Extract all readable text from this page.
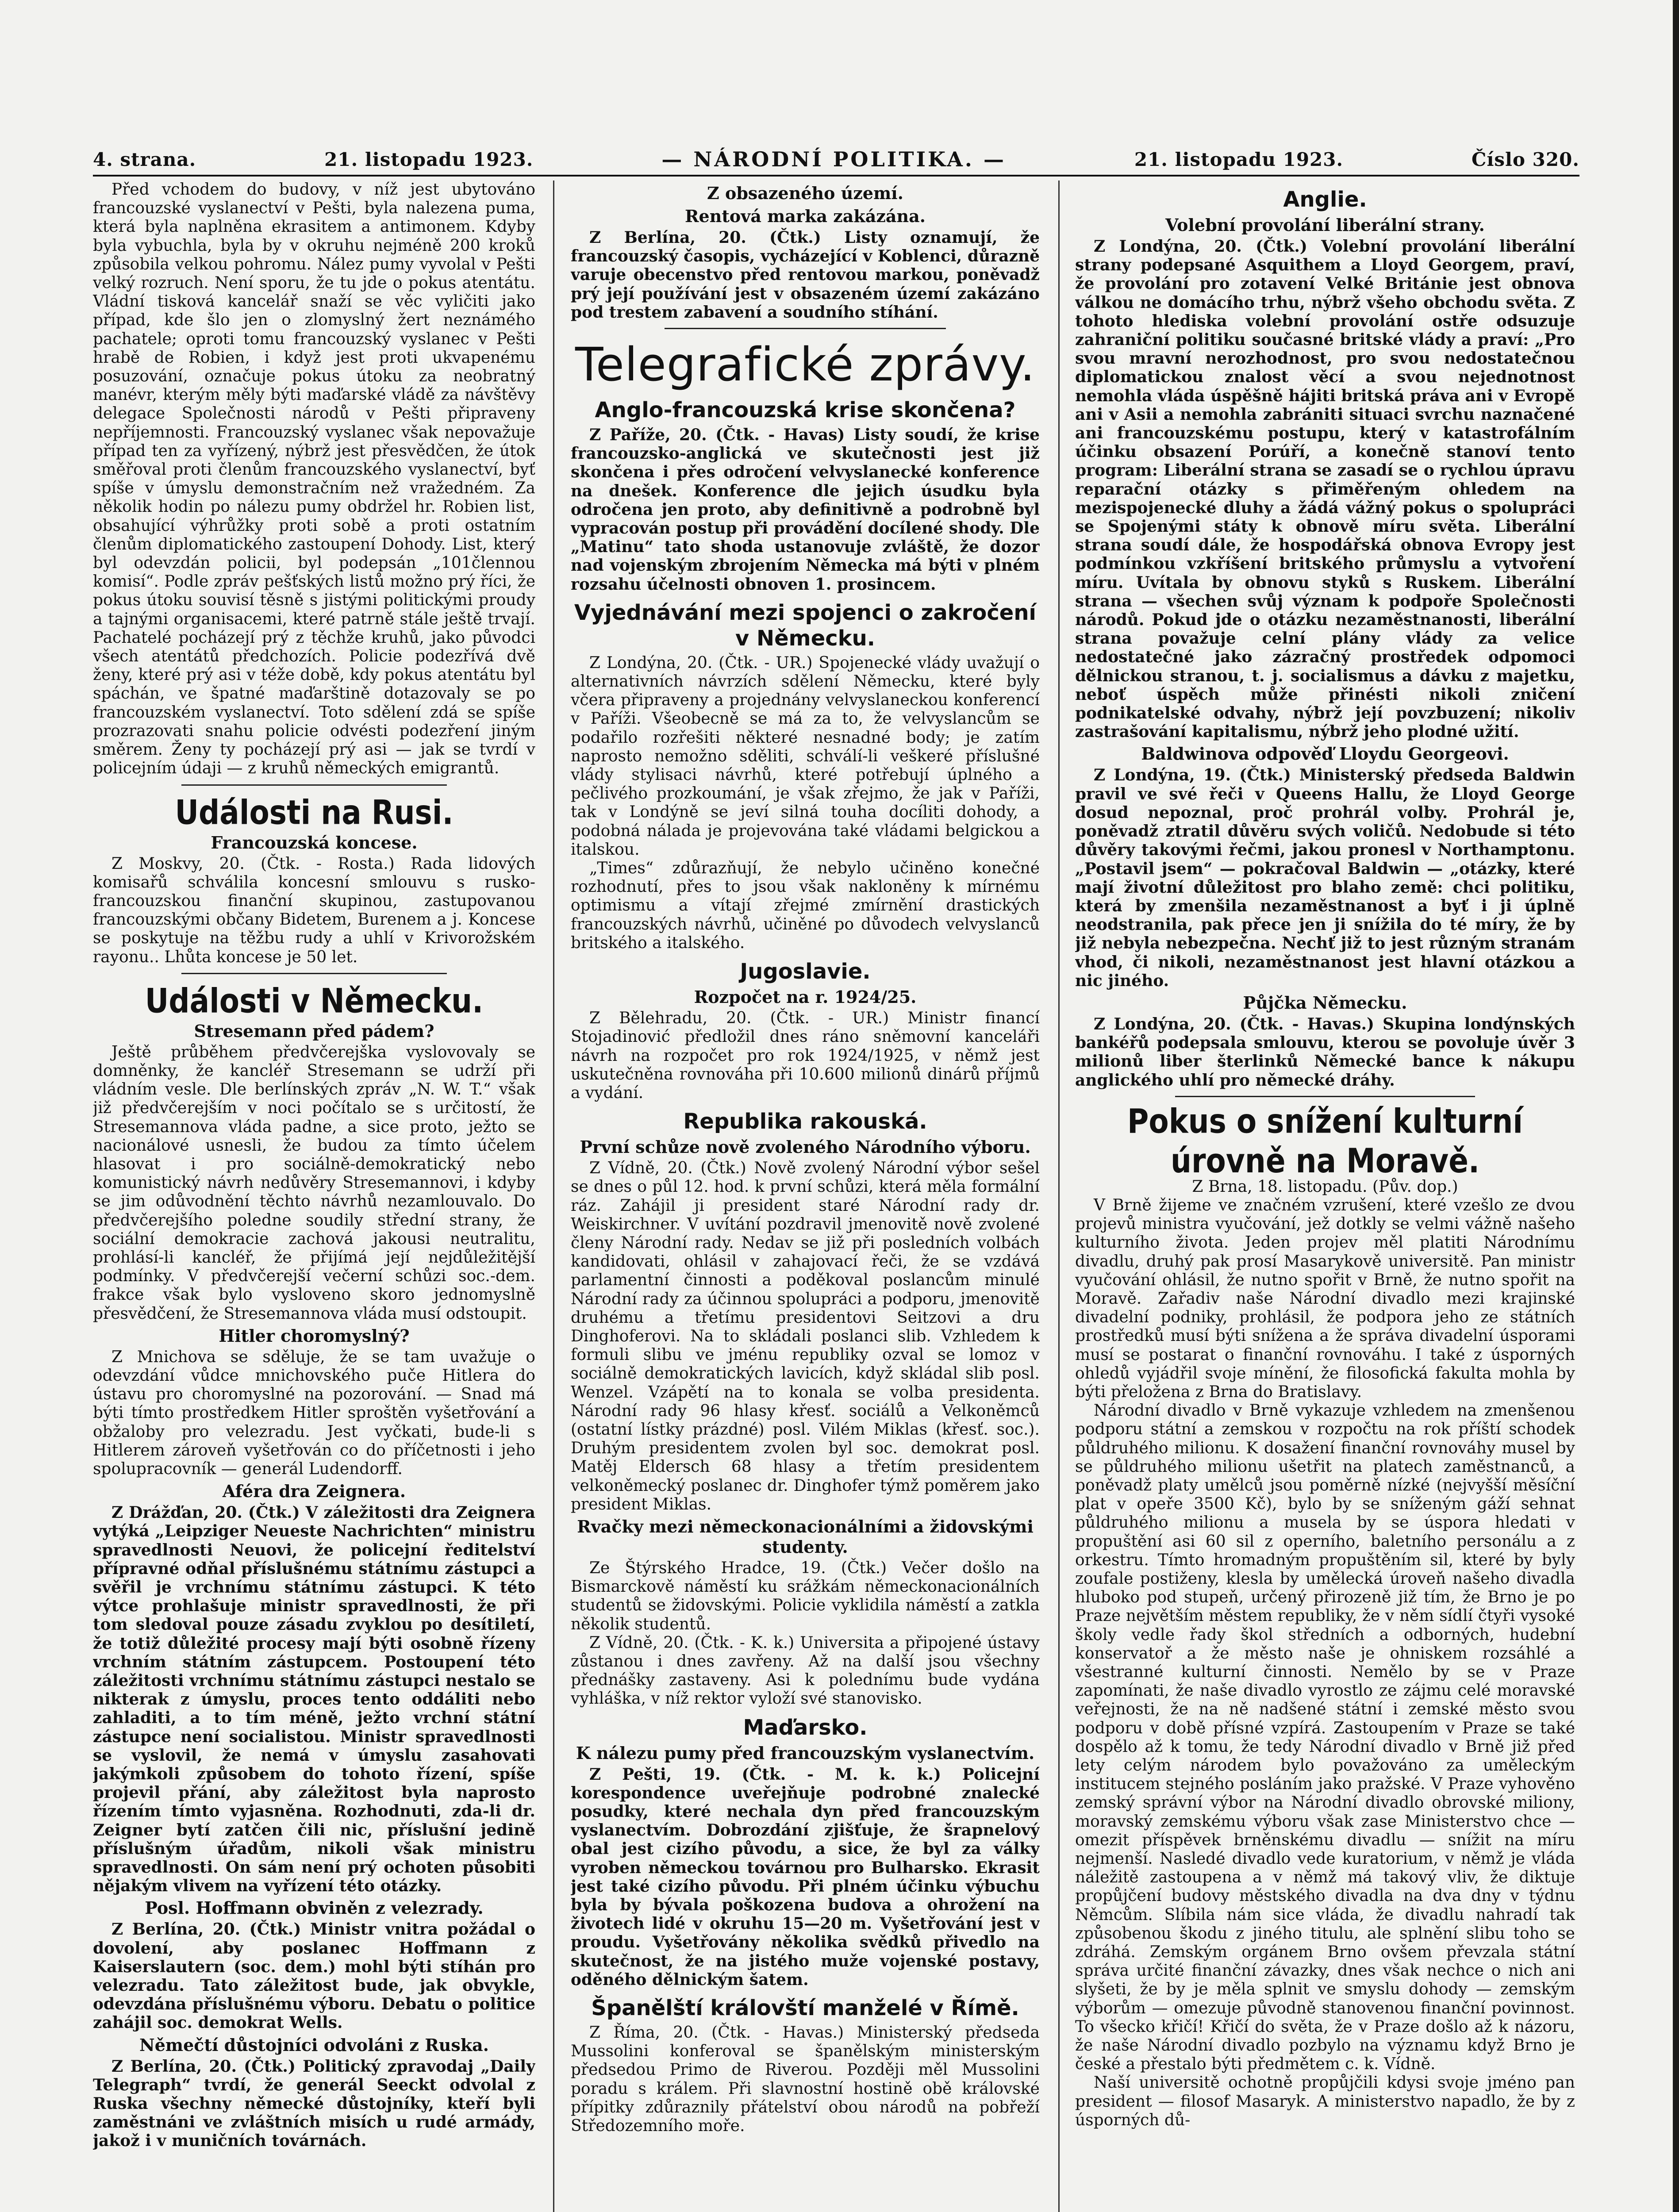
4. strana.	21. listopadu 1923.	— NÁRODNÍ POLITIKA. —	21. listopadu 1923.	Číslo 320.

Před vchodem do budovy, v níž jest ubytováno francouzské vyslanectví v Pešti, byla nalezena puma, která byla naplněna ekrasitem a antimonem. Kdyby byla vybuchla, byla by v okruhu nejméně 200 kroků způsobila velkou pohromu. Nález pumy vyvolal v Pešti velký rozruch. Není sporu, že tu jde o pokus atentátu. Vládní tisková kancelář snaží se věc vyličiti jako případ, kde šlo jen o zlomyslný žert neznámého pachatele; oproti tomu francouzský vyslanec v Pešti hrabě de Robien, i když jest proti ukvapenému posuzování, označuje pokus útoku za neobratný manévr, kterým měly býti maďarské vládě za návštěvy delegace Společnosti národů v Pešti připraveny nepříjemnosti. Francouzský vyslanec však nepovažuje případ ten za vyřízený, nýbrž jest přesvědčen, že útok směřoval proti členům francouzského vyslanectví, byť spíše v úmyslu demonstračním než vražedném. Za několik hodin po nálezu pumy obdržel hr. Robien list, obsahující výhrůžky proti sobě a proti ostatním členům diplomatického zastoupení Dohody. List, který byl odevzdán policii, byl podepsán „101člennou komisí“. Podle zpráv pešťských listů možno prý říci, že pokus útoku souvisí těsně s jistými politickými proudy a tajnými organisacemi, které patrně stále ještě trvají. Pachatelé pocházejí prý z těchže kruhů, jako původci všech atentátů předchozích. Policie podezřívá dvě ženy, které prý asi v téže době, kdy pokus atentátu byl spáchán, ve špatné maďarštině dotazovaly se po francouzském vyslanectví. Toto sdělení zdá se spíše prozrazovati snahu policie odvésti podezření jiným směrem. Ženy ty pocházejí prý asi — jak se tvrdí v policejním údaji — z kruhů německých emigrantů.

Události na Rusi.
Francouzská koncese.

Z Moskvy, 20. (Čtk. - Rosta.) Rada lidových komisařů schválila koncesní smlouvu s rusko-francouzskou finanční skupinou, zastupovanou francouzskými občany Bidetem, Burenem a j. Koncese se poskytuje na těžbu rudy a uhlí v Krivorožském rayonu.. Lhůta koncese je 50 let.

Události v Německu.
Stresemann před pádem?

Ještě průběhem předvčerejška vyslovovaly se domněnky, že kancléř Stresemann se udrží při vládním vesle. Dle berlínských zpráv „N. W. T.“ však již předvčerejším v noci počítalo se s určitostí, že Stresemannova vláda padne, a sice proto, ježto se nacionálové usnesli, že budou za tímto účelem hlasovat i pro sociálně-demokratický nebo komunistický návrh nedůvěry Stresemannovi, i kdyby se jim odůvodnění těchto návrhů nezamlouvalo. Do předvčerejšího poledne soudily střední strany, že sociální demokracie zachová jakousi neutralitu, prohlásí-li kancléř, že přijímá její nejdůležitější podmínky. V předvčerejší večerní schůzi soc.-dem. frakce však bylo vysloveno skoro jednomyslně přesvědčení, že Stresemannova vláda musí odstoupit.

Hitler choromyslný?

Z Mnichova se sděluje, že se tam uvažuje o odevzdání vůdce mnichovského puče Hitlera do ústavu pro choromyslné na pozorování. — Snad má býti tímto prostředkem Hitler sproštěn vyšetřování a obžaloby pro velezradu. Jest vyčkati, bude-li s Hitlerem zároveň vyšetřován co do příčetnosti i jeho spolupracovník — generál Ludendorff.

Aféra dra Zeignera.

Z Drážďan, 20. (Čtk.) V záležitosti dra Zeignera vytýká „Leipziger Neueste Nachrichten“ ministru spravedlnosti Neuovi, že policejní ředitelství přípravné odňal příslušnému státnímu zástupci a svěřil je vrchnímu státnímu zástupci. K této výtce prohlašuje ministr spravedlnosti, že při tom sledoval pouze zásadu zvyklou po desítiletí, že totiž důležité procesy mají býti osobně řízeny vrchním státním zástupcem. Postoupení této záležitosti vrchnímu státnímu zástupci nestalo se nikterak z úmyslu, proces tento oddáliti nebo zahladiti, a to tím méně, ježto vrchní státní zástupce není socialistou. Ministr spravedlnosti se vyslovil, že nemá v úmyslu zasahovati jakýmkoli způsobem do tohoto řízení, spíše projevil přání, aby záležitost byla naprosto řízením tímto vyjasněna. Rozhodnuti, zda-li dr. Zeigner bytí zatčen čili nic, příslušní jedině příslušným úřadům, nikoli však ministru spravedlnosti. On sám není prý ochoten působiti nějakým vlivem na vyřízení této otázky.

Posl. Hoffmann obviněn z velezrady.

Z Berlína, 20. (Čtk.) Ministr vnitra požádal o dovolení, aby poslanec Hoffmann z Kaiserslautern (soc. dem.) mohl býti stíhán pro velezradu. Tato záležitost bude, jak obvykle, odevzdána příslušnému výboru. Debatu o politice zahájil soc. demokrat Wells.

Němečtí důstojníci odvoláni z Ruska.

Z Berlína, 20. (Čtk.) Politický zpravodaj „Daily Telegraph“ tvrdí, že generál Seeckt odvolal z Ruska všechny německé důstojníky, kteří byli zaměstnáni ve zvláštních misích u rudé armády, jakož i v muničních továrnách.

Z obsazeného území.
Rentová marka zakázána.

Z Berlína, 20. (Čtk.) Listy oznamují, že francouzský časopis, vycházející v Koblenci, důrazně varuje obecenstvo před rentovou markou, poněvadž prý její používání jest v obsazeném území zakázáno pod trestem zabavení a soudního stíhání.

Telegrafické zprávy.
Anglo-francouzská krise skončena?

Z Paříže, 20. (Čtk. - Havas) Listy soudí, že krise francouzsko-anglická ve skutečnosti jest již skončena i přes odročení velvyslanecké konference na dnešek. Konference dle jejich úsudku byla odročena jen proto, aby definitivně a podrobně byl vypracován postup při provádění docílené shody. Dle „Matinu“ tato shoda ustanovuje zvláště, že dozor nad vojenským zbrojením Německa má býti v plném rozsahu účelnosti obnoven 1. prosincem.

Vyjednávání mezi spojenci o zakročení v Německu.

Z Londýna, 20. (Čtk. - UR.) Spojenecké vlády uvažují o alternativních návrzích sdělení Německu, které byly včera připraveny a projednány velvyslaneckou konferencí v Paříži. Všeobecně se má za to, že velvyslancům se podařilo rozřešiti některé nesnadné body; je zatím naprosto nemožno sděliti, schválí-li veškeré příslušné vlády stylisaci návrhů, které potřebují úplného a pečlivého prozkoumání, je však zřejmo, že jak v Paříži, tak v Londýně se jeví silná touha docíliti dohody, a podobná nálada je projevována také vládami belgickou a italskou.

„Times“ zdůrazňují, že nebylo učiněno konečné rozhodnutí, přes to jsou však nakloněny k mírnému optimismu a vítají zřejmé zmírnění drastických francouzských návrhů, učiněné po důvodech velvyslanců britského a italského.

Jugoslavie.
Rozpočet na r. 1924/25.

Z Bělehradu, 20. (Čtk. - UR.) Ministr financí Stojadinović předložil dnes ráno sněmovní kanceláři návrh na rozpočet pro rok 1924/1925, v němž jest uskutečněna rovnováha při 10.600 milionů dinárů příjmů a vydání.

Republika rakouská.
První schůze nově zvoleného Národního výboru.

Z Vídně, 20. (Čtk.) Nově zvolený Národní výbor sešel se dnes o půl 12. hod. k první schůzi, která měla formální ráz. Zahájil ji president staré Národní rady dr. Weiskirchner. V uvítání pozdravil jmenovitě nově zvolené členy Národní rady. Nedav se již při posledních volbách kandidovati, ohlásil v zahajovací řeči, že se vzdává parlamentní činnosti a poděkoval poslancům minulé Národní rady za účinnou spolupráci a podporu, jmenovitě druhému a třetímu presidentovi Seitzovi a dru Dinghoferovi. Na to skládali poslanci slib. Vzhledem k formuli slibu ve jménu republiky ozval se lomoz v sociálně demokratických lavicích, když skládal slib posl. Wenzel. Vzápětí na to konala se volba presidenta. Národní rady 96 hlasy křesť. sociálů a Velkoněmců (ostatní lístky prázdné) posl. Vilém Miklas (křesť. soc.). Druhým presidentem zvolen byl soc. demokrat posl. Matěj Eldersch 68 hlasy a třetím presidentem velkoněmecký poslanec dr. Dinghofer týmž poměrem jako president Miklas.

Rvačky mezi německonacionálními a židovskými studenty.

Ze Štýrského Hradce, 19. (Čtk.) Večer došlo na Bismarckově náměstí ku srážkám německonacionálních studentů se židovskými. Policie vyklidila náměstí a zatkla několik studentů.

Z Vídně, 20. (Čtk. - K. k.) Universita a připojené ústavy zůstanou i dnes zavřeny. Až na další jsou všechny přednášky zastaveny. Asi k polednímu bude vydána vyhláška, v níž rektor vyloží své stanovisko.

Maďarsko.
K nálezu pumy před francouzským vyslanectvím.

Z Pešti, 19. (Čtk. - M. k. k.) Policejní korespondence uveřejňuje podrobné znalecké posudky, které nechala dyn před francouzským vyslanectvím. Dobrozdání zjišťuje, že šrapnelový obal jest cizího původu, a sice, že byl za války vyroben německou továrnou pro Bulharsko. Ekrasit jest také cizího původu. Při plném účinku výbuchu byla by bývala poškozena budova a ohrožení na životech lidé v okruhu 15—20 m. Vyšetřování jest v proudu. Vyšetřovány několika svědků přivedlo na skutečnost, že na jistého muže vojenské postavy, oděného dělnickým šatem.

Španělští královští manželé v Římě.

Z Říma, 20. (Čtk. - Havas.) Ministerský předseda Mussolini konferoval se španělským ministerským předsedou Primo de Riverou. Později měl Mussolini poradu s králem. Při slavnostní hostině obě královské přípitky zdůraznily přátelství obou národů na pobřeží Středozemního moře.

Anglie.
Volební provolání liberální strany.

Z Londýna, 20. (Čtk.) Volební provolání liberální strany podepsané Asquithem a Lloyd Georgem, praví, že provolání pro zotavení Velké Británie jest obnova válkou ne domácího trhu, nýbrž všeho obchodu světa. Z tohoto hlediska volební provolání ostře odsuzuje zahraniční politiku současné britské vlády a praví: „Pro svou mravní nerozhodnost, pro svou nedostatečnou diplomatickou znalost věcí a svou nejednotnost nemohla vláda úspěšně hájiti britská práva ani v Evropě ani v Asii a nemohla zabrániti situaci svrchu naznačené ani francouzskému postupu, který v katastrofálním účinku obsazení Porúří, a konečně stanoví tento program: Liberální strana se zasadí se o rychlou úpravu reparační otázky s přiměřeným ohledem na mezispojenecké dluhy a žádá vážný pokus o spolupráci se Spojenými státy k obnově míru světa. Liberální strana soudí dále, že hospodářská obnova Evropy jest podmínkou vzkříšení britského průmyslu a vytvoření míru. Uvítala by obnovu styků s Ruskem. Liberální strana — všechen svůj význam k podpoře Společnosti národů. Pokud jde o otázku nezaměstnanosti, liberální strana považuje celní plány vlády za velice nedostatečné jako zázračný prostředek odpomoci dělnickou stranou, t. j. socialismus a dávku z majetku, neboť úspěch může přinésti nikoli zničení podnikatelské odvahy, nýbrž její povzbuzení; nikoliv zastrašování kapitalismu, nýbrž jeho plodné užití.

Baldwinova odpověď Lloydu Georgeovi.

Z Londýna, 19. (Čtk.) Ministerský předseda Baldwin pravil ve své řeči v Queens Hallu, že Lloyd George dosud nepoznal, proč prohrál volby. Prohrál je, poněvadž ztratil důvěru svých voličů. Nedobude si této důvěry takovými řečmi, jakou pronesl v Northamptonu. „Postavil jsem“ — pokračoval Baldwin — „otázky, které mají životní důležitost pro blaho země: chci politiku, která by zmenšila nezaměstnanost a byť i ji úplně neodstranila, pak přece jen ji snížila do té míry, že by již nebyla nebezpečna. Nechť již to jest různým stranám vhod, či nikoli, nezaměstnanost jest hlavní otázkou a nic jiného.

Půjčka Německu.

Z Londýna, 20. (Čtk. - Havas.) Skupina londýnských bankéřů podepsala smlouvu, kterou se povoluje úvěr 3 milionů liber šterlinků Německé bance k nákupu anglického uhlí pro německé dráhy.

Pokus o snížení kulturní úrovně na Moravě.
Z Brna, 18. listopadu. (Pův. dop.)

V Brně žijeme ve značném vzrušení, které vzešlo ze dvou projevů ministra vyučování, jež dotkly se velmi vážně našeho kulturního života. Jeden projev měl platiti Národnímu divadlu, druhý pak prosí Masarykově universitě. Pan ministr vyučování ohlásil, že nutno spořit v Brně, že nutno spořit na Moravě. Zařadiv naše Národní divadlo mezi krajinské divadelní podniky, prohlásil, že podpora jeho ze státních prostředků musí býti snížena a že správa divadelní úsporami musí se postarat o finanční rovnováhu. I také z úsporných ohledů vyjádřil svoje mínění, že filosofická fakulta mohla by býti přeložena z Brna do Bratislavy.

Národní divadlo v Brně vykazuje vzhledem na zmenšenou podporu státní a zemskou v rozpočtu na rok příští schodek půldruhého milionu. K dosažení finanční rovnováhy musel by se půldruhého milionu ušetřit na platech zaměstnanců, a poněvadž platy umělců jsou poměrně nízké (nejvyšší měsíční plat v opeře 3500 Kč), bylo by se sníženým gáží sehnat půldruhého milionu a musela by se úspora hledati v propuštění asi 60 sil z operního, baletního personálu a z orkestru. Tímto hromadným propuštěním sil, které by byly zoufale postiženy, klesla by umělecká úroveň našeho divadla hluboko pod stupeň, určený přirozeně již tím, že Brno je po Praze největším městem republiky, že v něm sídlí čtyři vysoké školy vedle řady škol středních a odborných, hudební konservatoř a že město naše je ohniskem rozsáhlé a všestranné kulturní činnosti. Nemělo by se v Praze zapomínati, že naše divadlo vyrostlo ze zájmu celé moravské veřejnosti, že na ně nadšené státní i zemské město svou podporu v době přísné vzpírá. Zastoupením v Praze se také dospělo až k tomu, že tedy Národní divadlo v Brně již před lety celým národem bylo považováno za uměleckým institucem stejného posláním jako pražské. V Praze vyhověno zemský správní výbor na Národní divadlo obrovské miliony, moravský zemskému výboru však zase Ministerstvo chce — omezit příspěvek brněnskému divadlu — snížit na míru nejmenší. Nasledé divadlo vede kuratorium, v němž je vláda náležitě zastoupena a v němž má takový vliv, že diktuje propůjčení budovy městského divadla na dva dny v týdnu Němcům. Slíbila nám sice vláda, že divadlu nahradí tak způsobenou škodu z jiného titulu, ale splnění slibu toho se zdráhá. Zemským orgánem Brno ovšem převzala státní správa určité finanční závazky, dnes však nechce o nich ani slyšeti, že by je měla splnit ve smyslu dohody — zemským výborům — omezuje původně stanovenou finanční povinnost. To všecko křičí! Křičí do světa, že v Praze došlo až k názoru, že naše Národní divadlo pozbylo na významu když Brno je české a přestalo býti předmětem c. k. Vídně.

Naší universitě ochotně propůjčili kdysi svoje jméno pan president — filosof Masaryk. A ministerstvo napadlo, že by z úsporných dů-
